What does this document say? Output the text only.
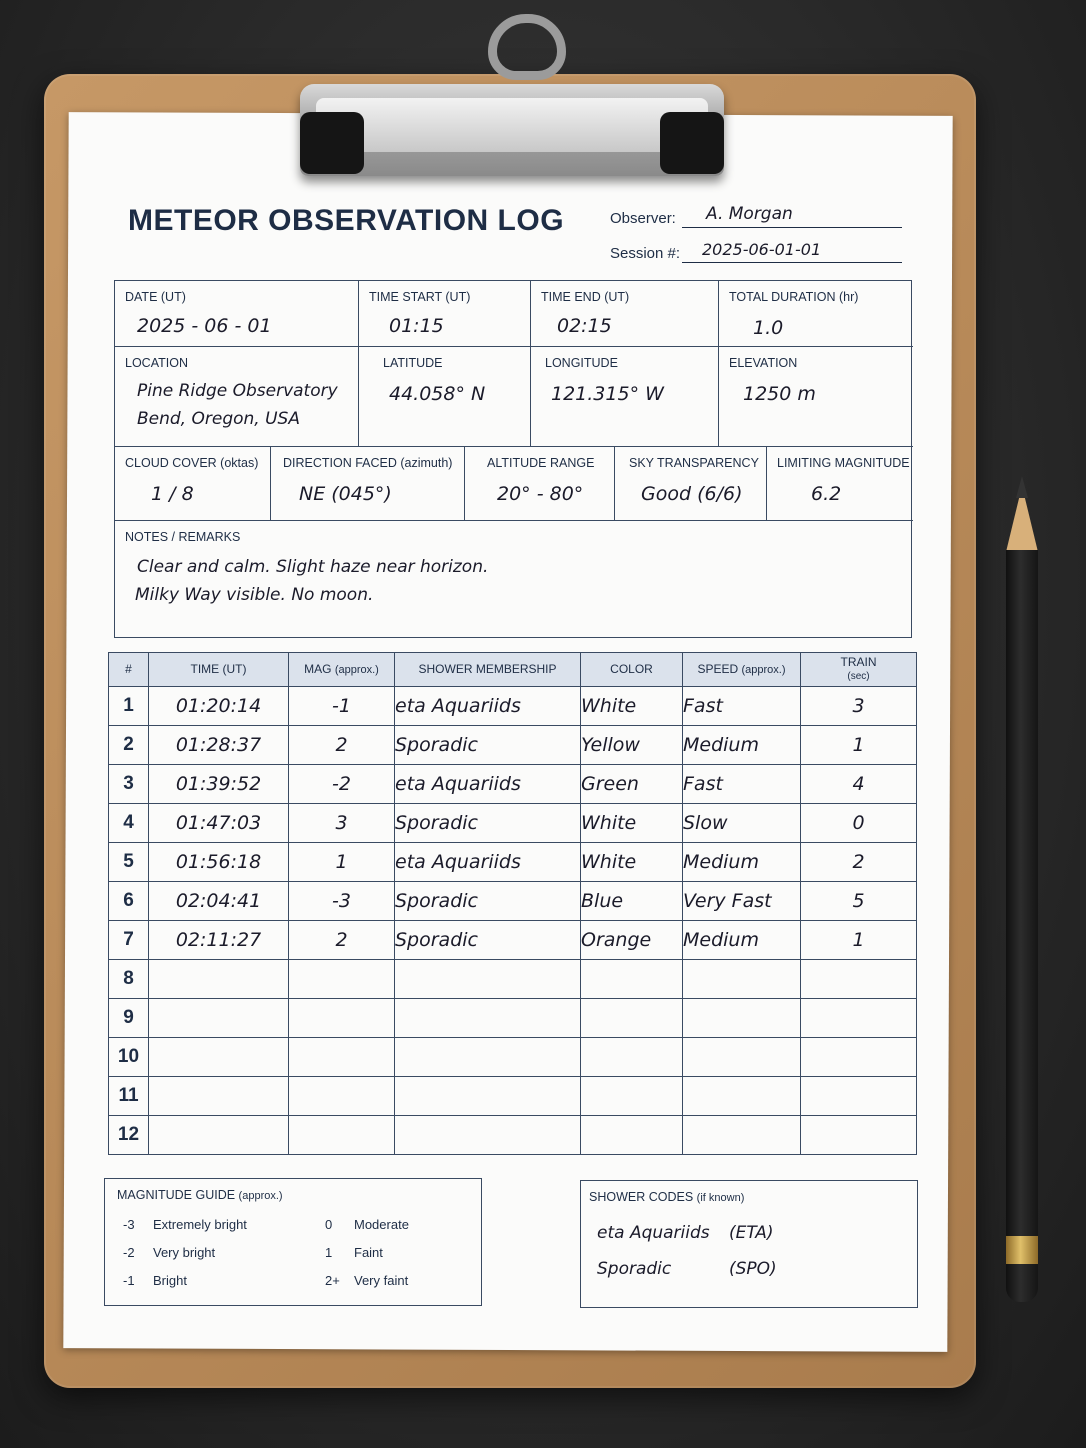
METEOR OBSERVATION LOG	Observer: A. Morgan
Session #: 2025-06-01-01
DATE (UT)
2025 - 06 - 01
TIME START (UT)
01:15
TIME END (UT)
02:15
TOTAL DURATION (hr)
1.0
LOCATION
Pine Ridge Observatory
Bend, Oregon, USA
LATITUDE
44.058° N
LONGITUDE
121.315° W
ELEVATION
1250 m
CLOUD COVER (oktas)
1 / 8
DIRECTION FACED (azimuth)
NE (045°)
ALTITUDE RANGE
20° - 80°
SKY TRANSPARENCY
Good (6/6)
LIMITING MAGNITUDE
6.2
NOTES / REMARKS
Clear and calm. Slight haze near horizon.
Milky Way visible. No moon.
#	TIME (UT)	MAG (approx.)	SHOWER MEMBERSHIP	COLOR	SPEED (approx.)	TRAIN
(sec)
1	01:20:14	-1	eta Aquariids	White	Fast	3
2	01:28:37	2	Sporadic	Yellow	Medium	1
3	01:39:52	-2	eta Aquariids	Green	Fast	4
4	01:47:03	3	Sporadic	White	Slow	0
5	01:56:18	1	eta Aquariids	White	Medium	2
6	02:04:41	-3	Sporadic	Blue	Very Fast	5
7	02:11:27	2	Sporadic	Orange	Medium	1
8						
9						
10						
11						
12						
MAGNITUDE GUIDE (approx.)
-3	Extremely bright
-2	Very bright
-1	Bright
0	Moderate
1	Faint
2+	Very faint
SHOWER CODES (if known)
eta Aquariids (ETA)
Sporadic	(SPO)
